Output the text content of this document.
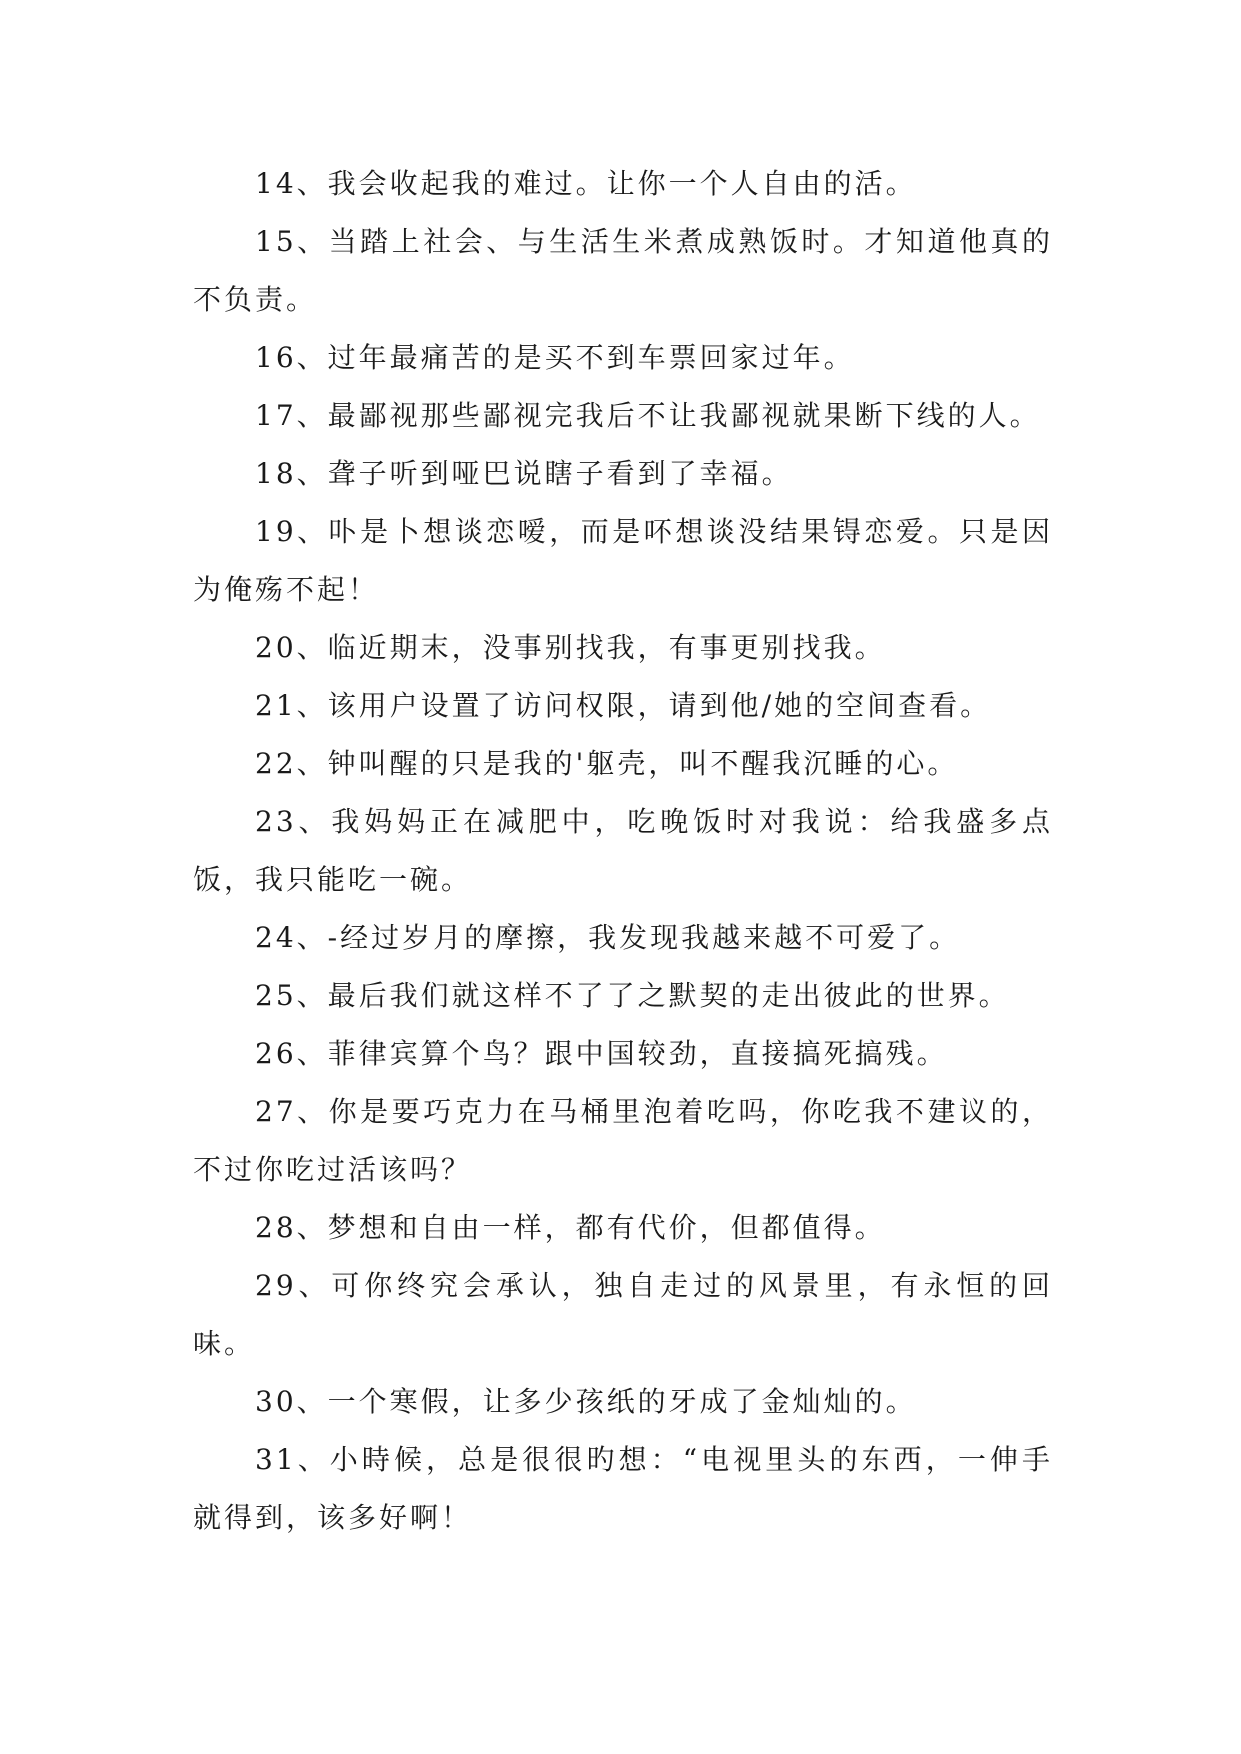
14、我会收起我的难过。让你一个人自由的活。

15、当踏上社会、与生活生米煮成熟饭时。才知道他真的不负责。

16、过年最痛苦的是买不到车票回家过年。

17、最鄙视那些鄙视完我后不让我鄙视就果断下线的人。

18、聋子听到哑巴说瞎子看到了幸福。

19、卟是卜想谈恋嗳，而是吥想谈没结果锝恋爱。只是因为俺殇不起！

20、临近期末，没事别找我，有事更别找我。

21、该用户设置了访问权限，请到他/她的空间查看。

22、钟叫醒的只是我的'躯壳，叫不醒我沉睡的心。

23、我妈妈正在减肥中，吃晚饭时对我说：给我盛多点饭，我只能吃一碗。

24、-经过岁月的摩擦，我发现我越来越不可爱了。

25、最后我们就这样不了了之默契的走出彼此的世界。

26、菲律宾算个鸟？跟中国较劲，直接搞死搞残。

27、你是要巧克力在马桶里泡着吃吗，你吃我不建议的，不过你吃过活该吗？

28、梦想和自由一样，都有代价，但都值得。

29、可你终究会承认，独自走过的风景里，有永恒的回味。

30、一个寒假，让多少孩纸的牙成了金灿灿的。

31、小時候，总是很很旳想：“电视里头的东西，一伸手就得到，该多好啊！
